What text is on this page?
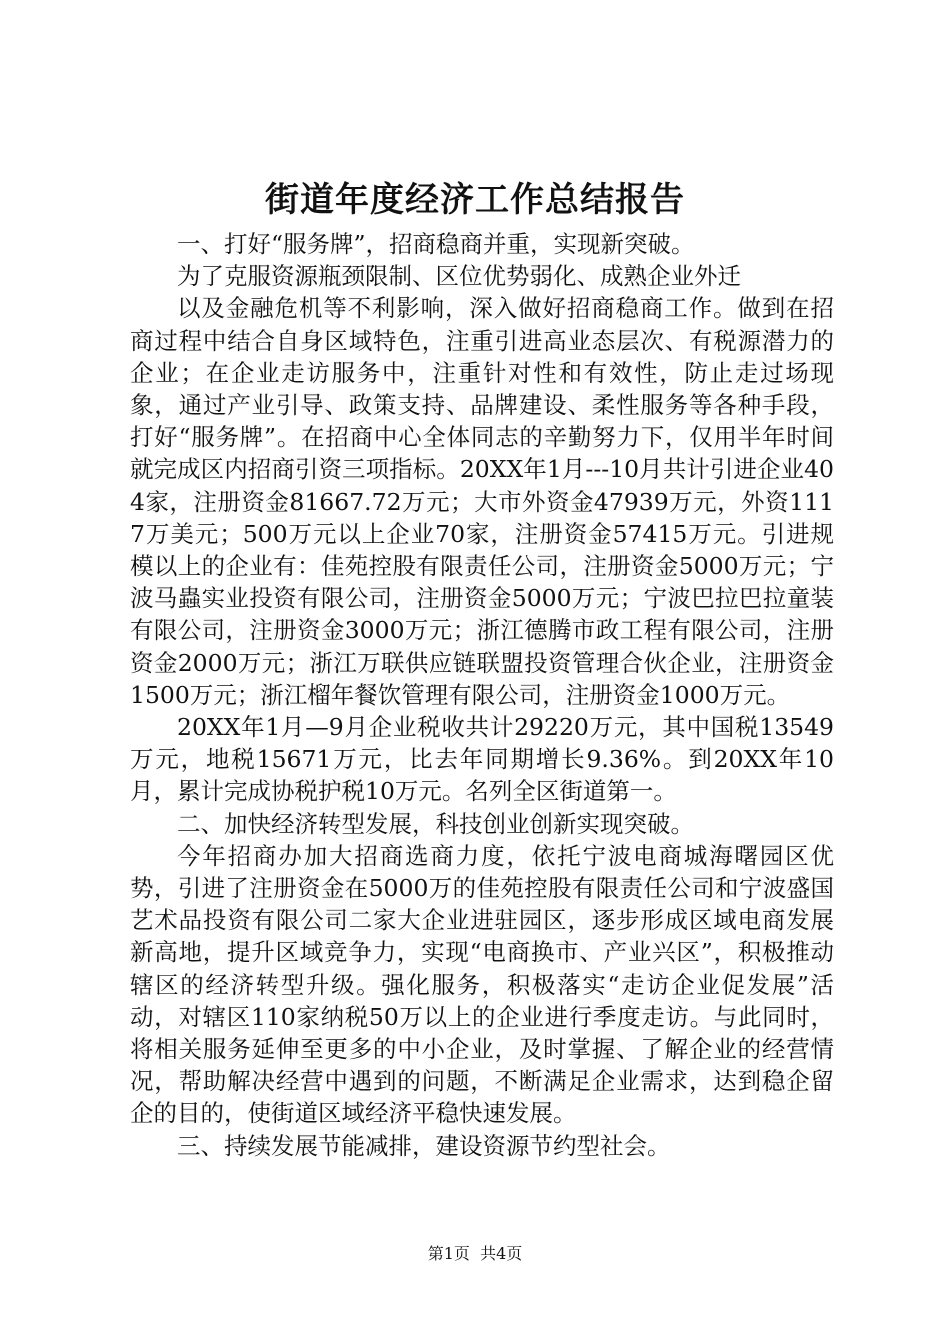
街道年度经济工作总结报告

一、打好“服务牌”，招商稳商并重，实现新突破。

为了克服资源瓶颈限制、区位优势弱化、成熟企业外迁

以及金融危机等不利影响，深入做好招商稳商工作。做到在招商过程中结合自身区域特色，注重引进高业态层次、有税源潜力的企业；在企业走访服务中，注重针对性和有效性，防止走过场现象，通过产业引导、政策支持、品牌建设、柔性服务等各种手段，打好“服务牌”。在招商中心全体同志的辛勤努力下，仅用半年时间就完成区内招商引资三项指标。20XX年1月---10月共计引进企业404家，注册资金81667.72万元；大市外资金47939万元，外资1117万美元；500万元以上企业70家，注册资金57415万元。引进规模以上的企业有：佳苑控股有限责任公司，注册资金5000万元；宁波马蟲实业投资有限公司，注册资金5000万元；宁波巴拉巴拉童装有限公司，注册资金3000万元；浙江德腾市政工程有限公司，注册资金2000万元；浙江万联供应链联盟投资管理合伙企业，注册资金1500万元；浙江榴年餐饮管理有限公司，注册资金1000万元。

20XX年1月—9月企业税收共计29220万元，其中国税13549万元，地税15671万元，比去年同期增长9.36%。到20XX年10月，累计完成协税护税10万元。名列全区街道第一。

二、加快经济转型发展，科技创业创新实现突破。

今年招商办加大招商选商力度，依托宁波电商城海曙园区优势，引进了注册资金在5000万的佳苑控股有限责任公司和宁波盛国艺术品投资有限公司二家大企业进驻园区，逐步形成区域电商发展新高地，提升区域竞争力，实现“电商换市、产业兴区”，积极推动辖区的经济转型升级。强化服务，积极落实“走访企业促发展”活动，对辖区110家纳税50万以上的企业进行季度走访。与此同时，将相关服务延伸至更多的中小企业，及时掌握、了解企业的经营情况，帮助解决经营中遇到的问题，不断满足企业需求，达到稳企留企的目的，使街道区域经济平稳快速发展。

三、持续发展节能减排，建设资源节约型社会。

第1页  共4页
